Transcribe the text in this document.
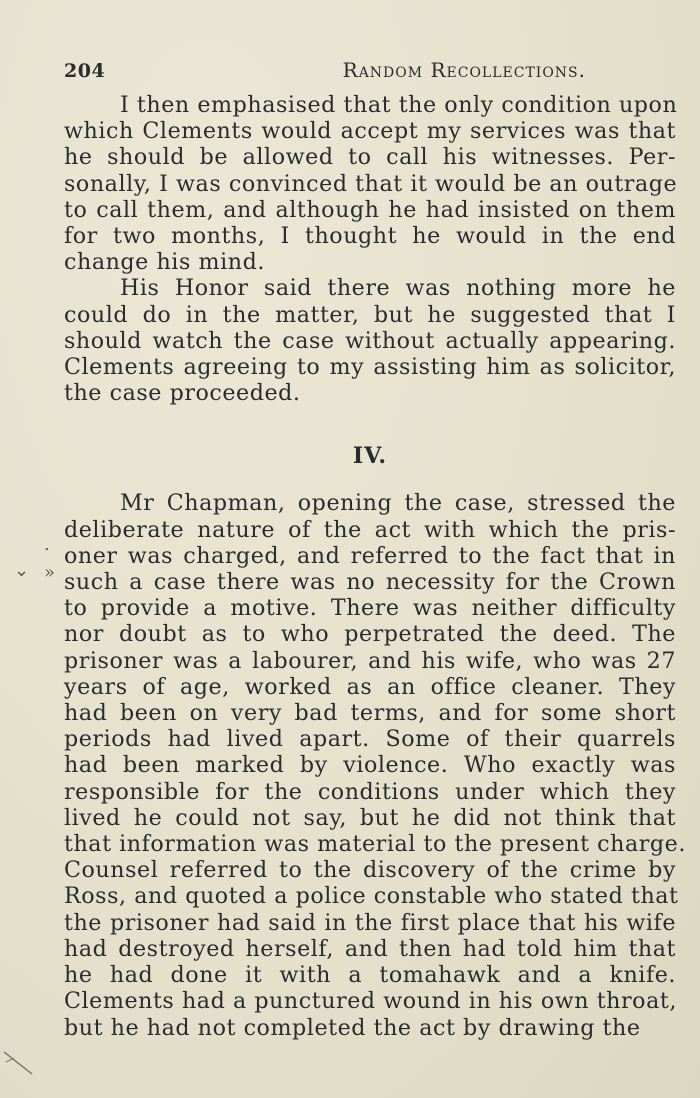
204	Random Recollections.

I then emphasised that the only condition upon
which Clements would accept my services was that
he should be allowed to call his witnesses. Per-
sonally, I was convinced that it would be an outrage
to call them, and although he had insisted on them
for two months, I thought he would in the end
change his mind.

His Honor said there was nothing more he
could do in the matter, but he suggested that I
should watch the case without actually appearing.
Clements agreeing to my assisting him as solicitor,
the case proceeded.

IV.

Mr Chapman, opening the case, stressed the
deliberate nature of the act with which the pris-
oner was charged, and referred to the fact that in
such a case there was no necessity for the Crown
to provide a motive. There was neither difficulty
nor doubt as to who perpetrated the deed. The
prisoner was a labourer, and his wife, who was 27
years of age, worked as an office cleaner. They
had been on very bad terms, and for some short
periods had lived apart. Some of their quarrels
had been marked by violence. Who exactly was
responsible for the conditions under which they
lived he could not say, but he did not think that
that information was material to the present charge.
Counsel referred to the discovery of the crime by
Ross, and quoted a police constable who stated that
the prisoner had said in the first place that his wife
had destroyed herself, and then had told him that
he had done it with a tomahawk and a knife.
Clements had a punctured wound in his own throat,
but he had not completed the act by drawing the

.
⌄ »
